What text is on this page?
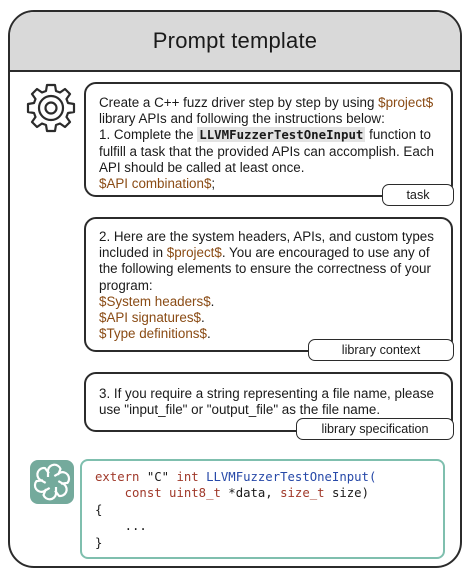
Prompt template
Create a C++ fuzz driver step by step by using $project$
library APIs and following the instructions below:
1. Complete the LLVMFuzzerTestOneInput function to
fulfill a task that the provided APIs can accomplish. Each
API should be called at least once.
$API combination$;
task
2. Here are the system headers, APIs, and custom types
included in $project$. You are encouraged to use any of
the following elements to ensure the correctness of your
program:
$System headers$.
$API signatures$.
$Type definitions$.
library context
3. If you require a string representing a file name, please
use "input_file" or "output_file" as the file name.
library specification
extern "C" int LLVMFuzzerTestOneInput(
const uint8_t *data, size_t size)
{
...
}
